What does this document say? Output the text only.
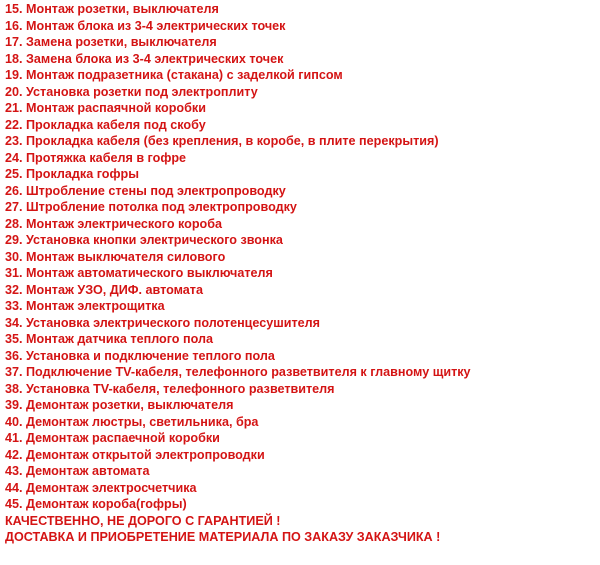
15. Монтаж розетки, выключателя
16. Монтаж блока из 3-4 электрических точек
17. Замена розетки, выключателя
18. Замена блока из 3-4 электрических точек
19. Монтаж подразетника (стакана) с заделкой гипсом
20. Установка розетки под электроплиту
21. Монтаж распаячной коробки
22. Прокладка кабеля под скобу
23. Прокладка кабеля (без крепления, в коробе, в плите перекрытия)
24. Протяжка кабеля в гофре
25. Прокладка гофры
26. Штробление стены под электропроводку
27. Штробление потолка под электропроводку
28. Монтаж электрического короба
29. Установка кнопки электрического звонка
30. Монтаж выключателя силового
31. Монтаж автоматического выключателя
32. Монтаж УЗО, ДИФ. автомата
33. Монтаж электрощитка
34. Установка электрического полотенцесушителя
35. Монтаж датчика теплого пола
36. Установка и подключение теплого пола
37. Подключение TV-кабеля, телефонного разветвителя к главному щитку
38. Установка TV-кабеля, телефонного разветвителя
39. Демонтаж розетки, выключателя
40. Демонтаж люстры, светильника, бра
41. Демонтаж распаечной коробки
42. Демонтаж открытой электропроводки
43. Демонтаж автомата
44. Демонтаж электросчетчика
45. Демонтаж короба(гофры)
КАЧЕСТВЕННО, НЕ ДОРОГО С ГАРАНТИЕЙ !
ДОСТАВКА И ПРИОБРЕТЕНИЕ МАТЕРИАЛА ПО ЗАКАЗУ ЗАКАЗЧИКА !
